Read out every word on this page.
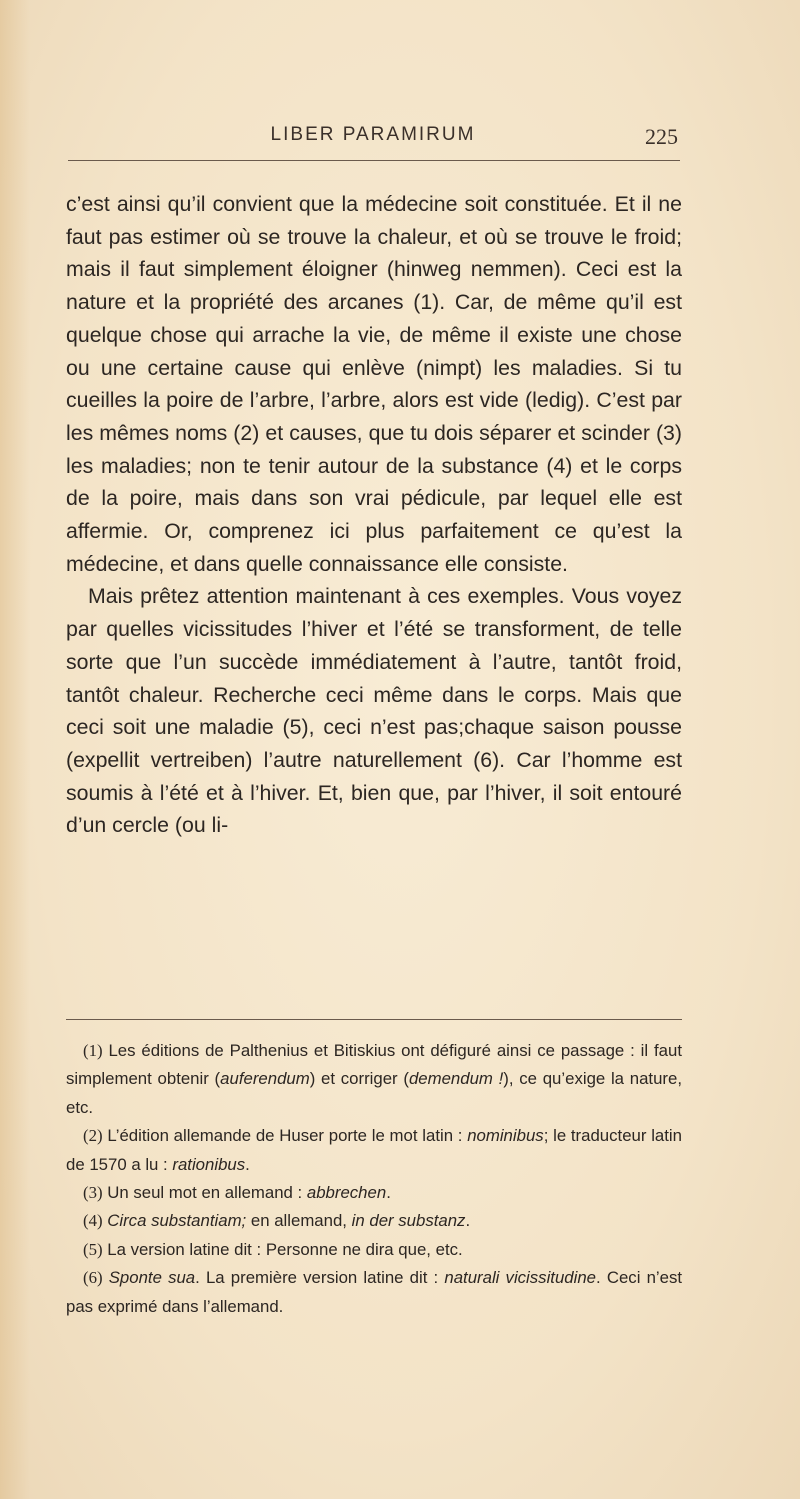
LIBER PARAMIRUM	225

c’est ainsi qu’il convient que la médecine soit constituée. Et il ne faut pas estimer où se trouve la chaleur, et où se trouve le froid; mais il faut simplement éloigner (hinweg nemmen). Ceci est la nature et la propriété des arcanes (1). Car, de même qu’il est quelque chose qui arrache la vie, de même il existe une chose ou une certaine cause qui enlève (nimpt) les maladies. Si tu cueilles la poire de l’arbre, l’arbre, alors est vide (ledig). C’est par les mêmes noms (2) et causes, que tu dois séparer et scinder (3) les maladies; non te tenir autour de la substance (4) et le corps de la poire, mais dans son vrai pédicule, par lequel elle est affermie. Or, comprenez ici plus parfaitement ce qu’est la médecine, et dans quelle connaissance elle consiste.

Mais prêtez attention maintenant à ces exemples. Vous voyez par quelles vicissitudes l’hiver et l’été se transforment, de telle sorte que l’un succède immédiatement à l’autre, tantôt froid, tantôt chaleur. Recherche ceci même dans le corps. Mais que ceci soit une maladie (5), ceci n’est pas;chaque saison pousse (expellit vertreiben) l’autre naturellement (6). Car l’homme est soumis à l’été et à l’hiver. Et, bien que, par l’hiver, il soit entouré d’un cercle (ou li-

(1) Les éditions de Palthenius et Bitiskius ont défiguré ainsi ce passage : il faut simplement obtenir (auferendum) et corriger (demendum !), ce qu’exige la nature, etc.

(2) L’édition allemande de Huser porte le mot latin : nominibus; le traducteur latin de 1570 a lu : rationibus.

(3) Un seul mot en allemand : abbrechen.

(4) Circa substantiam; en allemand, in der substanz.

(5) La version latine dit : Personne ne dira que, etc.

(6) Sponte sua. La première version latine dit : naturali vicissitudine. Ceci n’est pas exprimé dans l’allemand.
